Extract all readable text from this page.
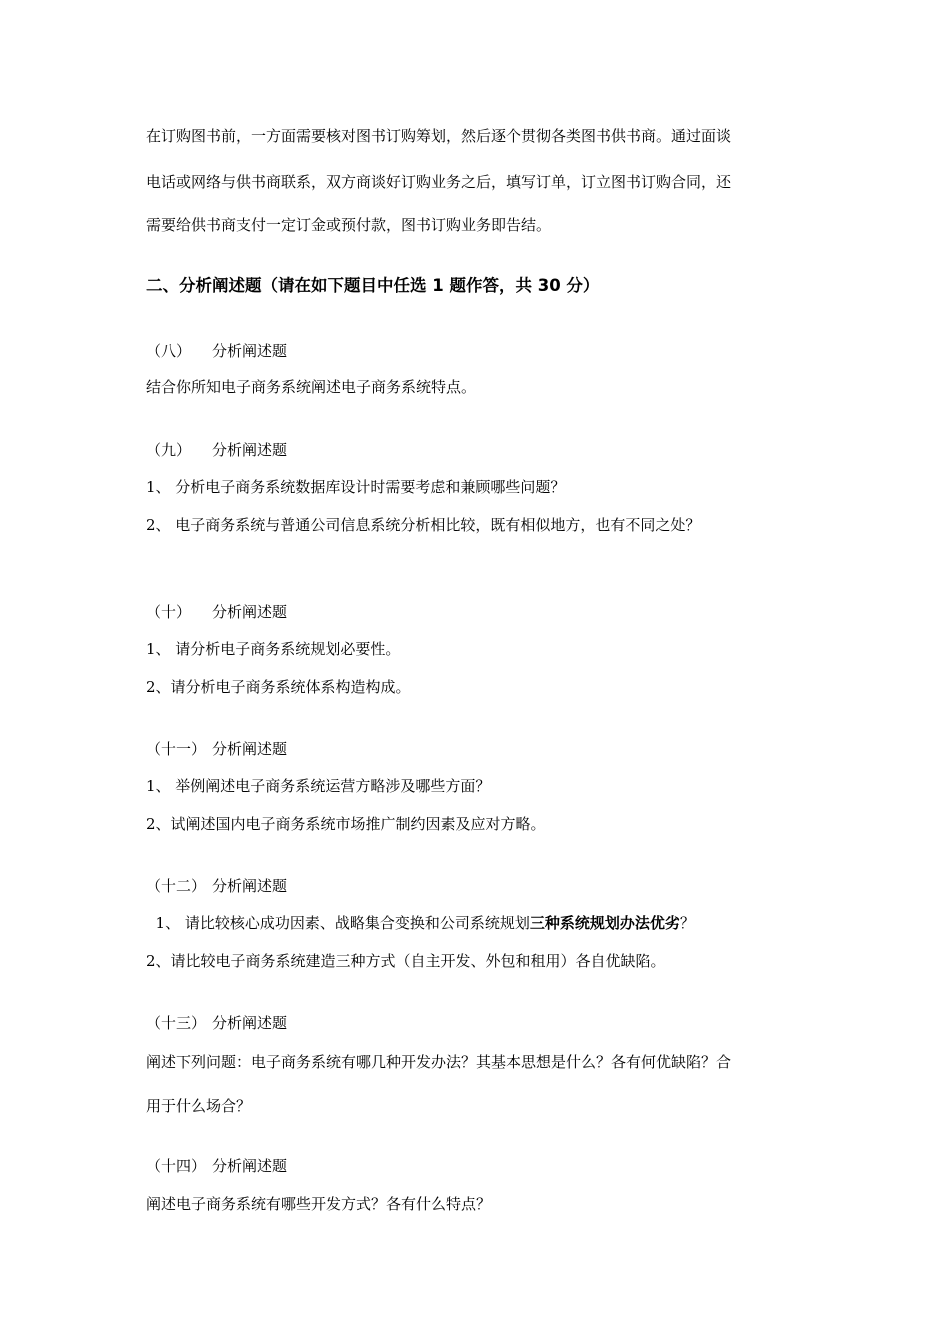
在订购图书前，一方面需要核对图书订购筹划，然后逐个贯彻各类图书供书商。通过面谈
电话或网络与供书商联系，双方商谈好订购业务之后，填写订单，订立图书订购合同，还
需要给供书商支付一定订金或预付款，图书订购业务即告结。
二、分析阐述题（请在如下题目中任选 1 题作答，共 30 分）
（八） 分析阐述题
结合你所知电子商务系统阐述电子商务系统特点。
（九） 分析阐述题
1、 分析电子商务系统数据库设计时需要考虑和兼顾哪些问题？
2、 电子商务系统与普通公司信息系统分析相比较，既有相似地方，也有不同之处？
（十） 分析阐述题
1、 请分析电子商务系统规划必要性。
2、请分析电子商务系统体系构造构成。
（十一） 分析阐述题
1、 举例阐述电子商务系统运营方略涉及哪些方面？
2、试阐述国内电子商务系统市场推广制约因素及应对方略。
（十二） 分析阐述题
1、 请比较核心成功因素、战略集合变换和公司系统规划三种系统规划办法优劣？
2、请比较电子商务系统建造三种方式（自主开发、外包和租用）各自优缺陷。
（十三） 分析阐述题
阐述下列问题：电子商务系统有哪几种开发办法？其基本思想是什么？各有何优缺陷？合
用于什么场合？
（十四） 分析阐述题
阐述电子商务系统有哪些开发方式？各有什么特点？
